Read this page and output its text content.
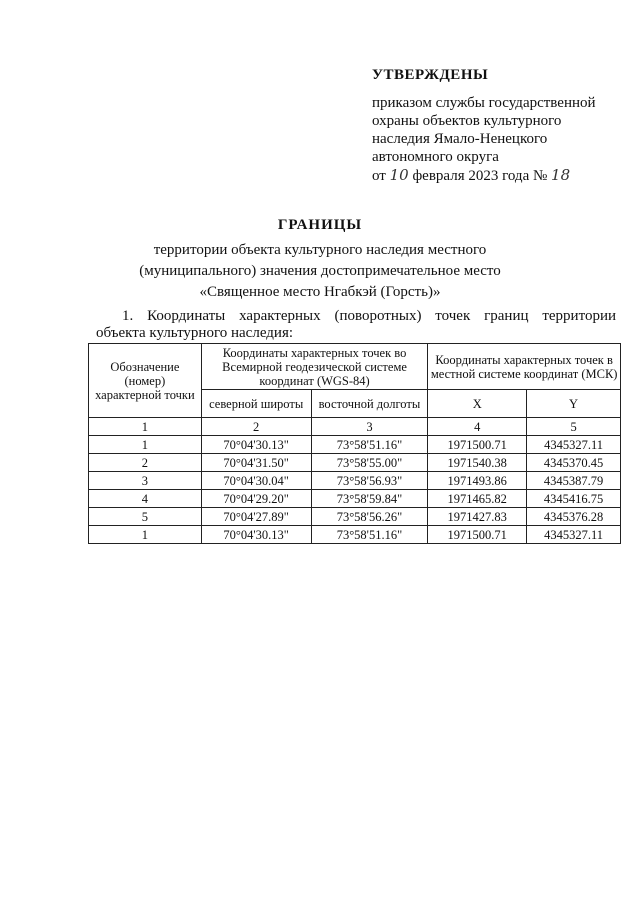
УТВЕРЖДЕНЫ
приказом службы государственной
охраны объектов культурного
наследия Ямало-Ненецкого
автономного округа
от 10 февраля 2023 года № 18
ГРАНИЦЫ
территории объекта культурного наследия местного
(муниципального) значения достопримечательное место
«Священное место Нгабкэй (Горсть)»
1. Координаты характерных (поворотных) точек границ территории
объекта культурного наследия:
Обозначение (номер) характерной точки	Координаты характерных точек во Всемирной геодезической системе координат (WGS-84)		Координаты характерных точек в местной системе координат (МСК)	
	северной широты	восточной долготы	X	Y
1	2	3	4	5
1	70°04'30.13"	73°58'51.16"	1971500.71	4345327.11
2	70°04'31.50"	73°58'55.00"	1971540.38	4345370.45
3	70°04'30.04"	73°58'56.93"	1971493.86	4345387.79
4	70°04'29.20"	73°58'59.84"	1971465.82	4345416.75
5	70°04'27.89"	73°58'56.26"	1971427.83	4345376.28
1	70°04'30.13"	73°58'51.16"	1971500.71	4345327.11
